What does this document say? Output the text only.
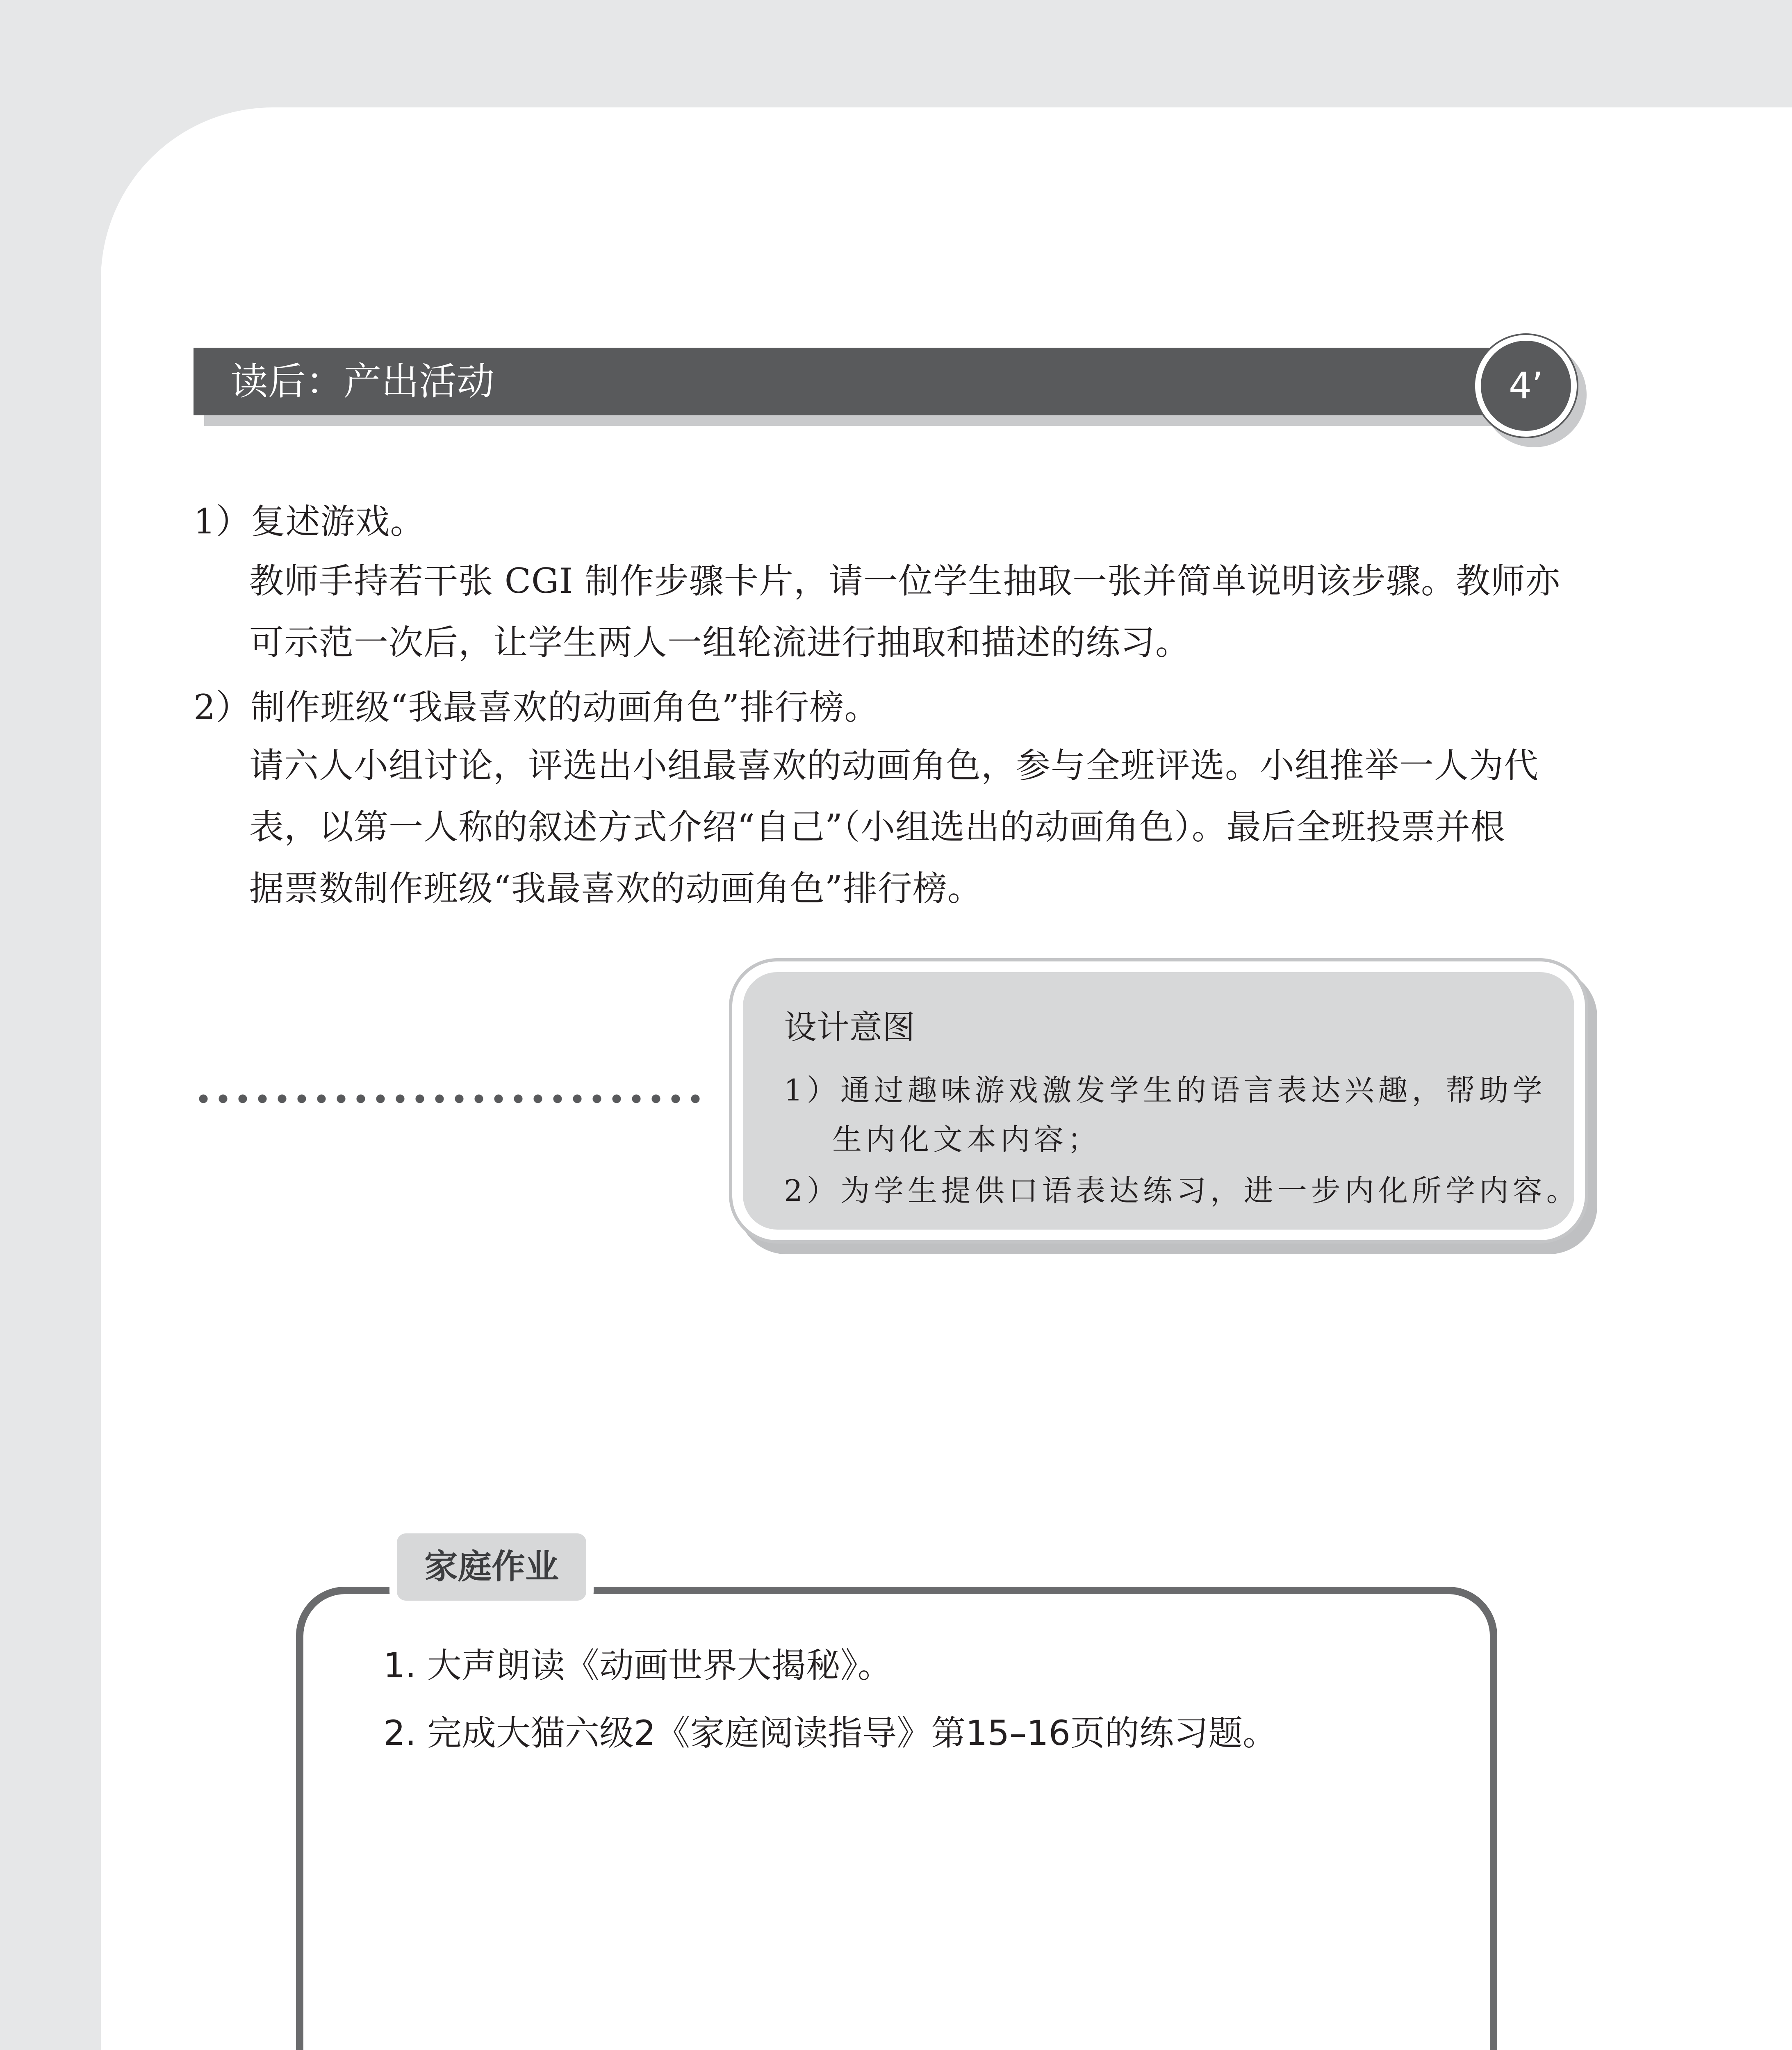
读后：产出活动	4’
1）复述游戏。
教师手持若干张 CGI 制作步骤卡片，请一位学生抽取一张并简单说明该步骤。教师亦
可示范一次后，让学生两人一组轮流进行抽取和描述的练习。
2）制作班级“我最喜欢的动画角色”排行榜。
请六人小组讨论，评选出小组最喜欢的动画角色，参与全班评选。小组推举一人为代
表，以第一人称的叙述方式介绍“自己”（小组选出的动画角色）。最后全班投票并根
据票数制作班级“我最喜欢的动画角色”排行榜。
设计意图
1）通过趣味游戏激发学生的语言表达兴趣，帮助学
生内化文本内容；
2）为学生提供口语表达练习，进一步内化所学内容。
家庭作业
1. 大声朗读《动画世界大揭秘》。
2. 完成大猫六级2《家庭阅读指导》第15–16页的练习题。
